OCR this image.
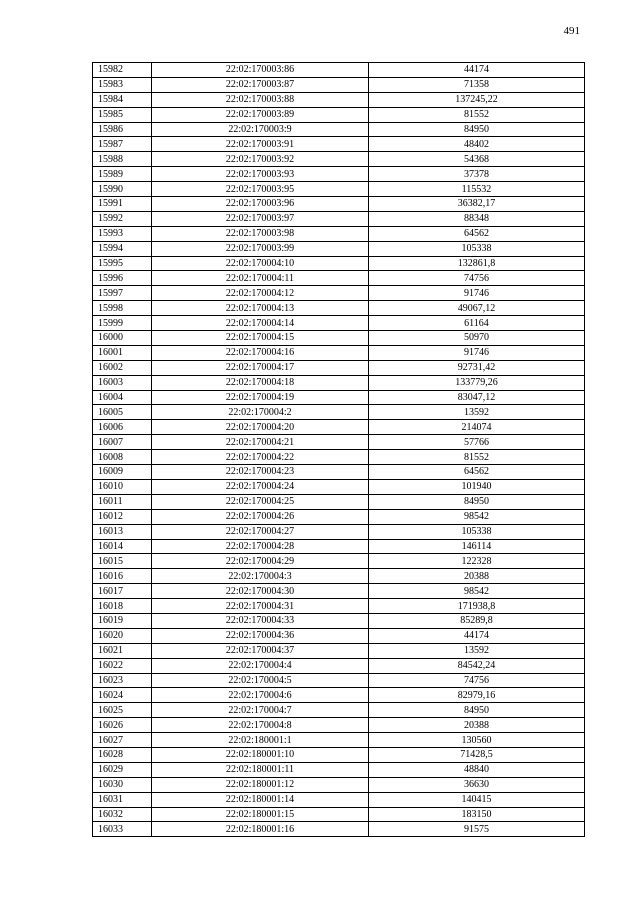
491
15982	22:02:170003:86	44174
15983	22:02:170003:87	71358
15984	22:02:170003:88	137245,22
15985	22:02:170003:89	81552
15986	22:02:170003:9	84950
15987	22:02:170003:91	48402
15988	22:02:170003:92	54368
15989	22:02:170003:93	37378
15990	22:02:170003:95	115532
15991	22:02:170003:96	36382,17
15992	22:02:170003:97	88348
15993	22:02:170003:98	64562
15994	22:02:170003:99	105338
15995	22:02:170004:10	132861,8
15996	22:02:170004:11	74756
15997	22:02:170004:12	91746
15998	22:02:170004:13	49067,12
15999	22:02:170004:14	61164
16000	22:02:170004:15	50970
16001	22:02:170004:16	91746
16002	22:02:170004:17	92731,42
16003	22:02:170004:18	133779,26
16004	22:02:170004:19	83047,12
16005	22:02:170004:2	13592
16006	22:02:170004:20	214074
16007	22:02:170004:21	57766
16008	22:02:170004:22	81552
16009	22:02:170004:23	64562
16010	22:02:170004:24	101940
16011	22:02:170004:25	84950
16012	22:02:170004:26	98542
16013	22:02:170004:27	105338
16014	22:02:170004:28	146114
16015	22:02:170004:29	122328
16016	22:02:170004:3	20388
16017	22:02:170004:30	98542
16018	22:02:170004:31	171938,8
16019	22:02:170004:33	85289,8
16020	22:02:170004:36	44174
16021	22:02:170004:37	13592
16022	22:02:170004:4	84542,24
16023	22:02:170004:5	74756
16024	22:02:170004:6	82979,16
16025	22:02:170004:7	84950
16026	22:02:170004:8	20388
16027	22:02:180001:1	130560
16028	22:02:180001:10	71428,5
16029	22:02:180001:11	48840
16030	22:02:180001:12	36630
16031	22:02:180001:14	140415
16032	22:02:180001:15	183150
16033	22:02:180001:16	91575
